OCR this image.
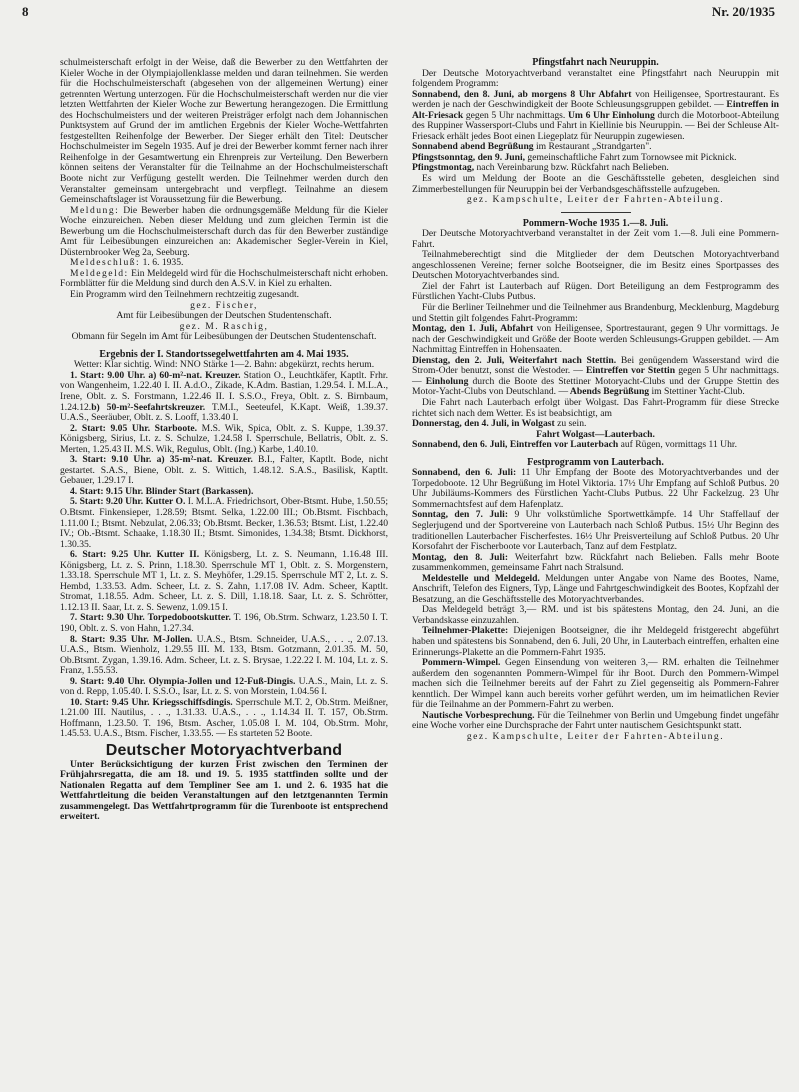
8	Nr. 20/1935

schulmeisterschaft erfolgt in der Weise, daß die Bewerber zu den Wettfahrten der Kieler Woche in der Olympiajollenklasse melden und daran teilnehmen. Sie werden für die Hochschulmeisterschaft (abgesehen von der allgemeinen Wertung) einer getrennten Wertung unterzogen. Für die Hochschulmeisterschaft werden nur die vier letzten Wettfahrten der Kieler Woche zur Bewertung herangezogen. Die Ermittlung des Hochschulmeisters und der weiteren Preisträger erfolgt nach dem Johannischen Punktsystem auf Grund der im amtlichen Ergebnis der Kieler Woche-Wettfahrten festgestellten Reihenfolge der Bewerber. Der Sieger erhält den Titel: Deutscher Hochschulmeister im Segeln 1935. Auf je drei der Bewerber kommt ferner nach ihrer Reihenfolge in der Gesamtwertung ein Ehrenpreis zur Verteilung. Den Bewerbern können seitens der Veranstalter für die Teilnahme an der Hochschulmeisterschaft Boote nicht zur Verfügung gestellt werden. Die Teilnehmer werden durch den Veranstalter gemeinsam untergebracht und verpflegt. Teilnahme an diesem Gemeinschaftslager ist Voraussetzung für die Bewerbung.

Meldung: Die Bewerber haben die ordnungsgemäße Meldung für die Kieler Woche einzureichen. Neben dieser Meldung und zum gleichen Termin ist die Bewerbung um die Hochschulmeisterschaft durch das für den Bewerber zuständige Amt für Leibesübungen einzureichen an: Akademischer Segler-Verein in Kiel, Düsternbrooker Weg 2a, Seeburg.

Meldeschluß: 1. 6. 1935.

Meldegeld: Ein Meldegeld wird für die Hochschulmeisterschaft nicht erhoben. Formblätter für die Meldung sind durch den A.S.V. in Kiel zu erhalten.

Ein Programm wird den Teilnehmern rechtzeitig zugesandt.

gez. Fischer,
Amt für Leibesübungen der Deutschen Studentenschaft.
gez. M. Raschig,
Obmann für Segeln im Amt für Leibesübungen der Deutschen Studentenschaft.
Ergebnis der I. Standortssegelwettfahrten am 4. Mai 1935.
Wetter: Klar sichtig. Wind: NNO Stärke 1—2. Bahn: abgekürzt, rechts herum.

1. Start: 9.00 Uhr. a) 60-m²-nat. Kreuzer. Station O., Leuchtkäfer, Kaptlt. Frhr. von Wangenheim, 1.22.40 I. II. A.d.O., Zikade, K.Adm. Bastian, 1.29.54. I. M.L.A., Irene, Oblt. z. S. Forstmann, 1.22.46 II. I. S.S.O., Freya, Oblt. z. S. Birnbaum, 1.24.12.b) 50-m²-Seefahrtskreuzer. T.M.I., Seeteufel, K.Kapt. Weiß, 1.39.37. U.A.S., Seeräuber, Oblt. z. S. Looff, 1.33.40 I.

2. Start: 9.05 Uhr. Starboote. M.S. Wik, Spica, Oblt. z. S. Kuppe, 1.39.37. Königsberg, Sirius, Lt. z. S. Schulze, 1.24.58 I. Sperrschule, Bellatris, Oblt. z. S. Merten, 1.25.43 II. M.S. Wik, Regulus, Oblt. (Ing.) Karbe, 1.40.10.

3. Start: 9.10 Uhr. a) 35-m²-nat. Kreuzer. B.I., Falter, Kaptlt. Bode, nicht gestartet. S.A.S., Biene, Oblt. z. S. Wittich, 1.48.12. S.A.S., Basilisk, Kaptlt. Gebauer, 1.29.17 I.

4. Start: 9.15 Uhr. Blinder Start (Barkassen).

5. Start: 9.20 Uhr. Kutter O. I. M.L.A. Friedrichsort, Ober-Btsmt. Hube, 1.50.55; O.Btsmt. Finkensieper, 1.28.59; Btsmt. Selka, 1.22.00 III.; Ob.Btsmt. Fischbach, 1.11.00 I.; Btsmt. Nebzulat, 2.06.33; Ob.Btsmt. Becker, 1.36.53; Btsmt. List, 1.22.40 IV.; Ob.-Btsmt. Schaake, 1.18.30 II.; Btsmt. Simonides, 1.34.38; Btsmt. Dickhorst, 1.30.35.

6. Start: 9.25 Uhr. Kutter II. Königsberg, Lt. z. S. Neumann, 1.16.48 III. Königsberg, Lt. z. S. Prinn, 1.18.30. Sperrschule MT 1, Oblt. z. S. Morgenstern, 1.33.18. Sperrschule MT 1, Lt. z. S. Meyhöfer, 1.29.15. Sperrschule MT 2, Lt. z. S. Hembd, 1.33.53. Adm. Scheer, Lt. z. S. Zahn, 1.17.08 IV. Adm. Scheer, Kaptlt. Stromat, 1.18.55. Adm. Scheer, Lt. z. S. Dill, 1.18.18. Saar, Lt. z. S. Schrötter, 1.12.13 II. Saar, Lt. z. S. Sewenz, 1.09.15 I.

7. Start: 9.30 Uhr. Torpedobootskutter. T. 196, Ob.Strm. Schwarz, 1.23.50 I. T. 190, Oblt. z. S. von Hahn, 1.27.34.

8. Start: 9.35 Uhr. M-Jollen. U.A.S., Btsm. Schneider, U.A.S., . . ., 2.07.13. U.A.S., Btsm. Wienholz, 1.29.55 III. M. 133, Btsm. Gotzmann, 2.01.35. M. 50, Ob.Btsmt. Zygan, 1.39.16. Adm. Scheer, Lt. z. S. Brysae, 1.22.22 I. M. 104, Lt. z. S. Franz, 1.55.53.

9. Start: 9.40 Uhr. Olympia-Jollen und 12-Fuß-Dingis. U.A.S., Main, Lt. z. S. von d. Repp, 1.05.40. I. S.S.O., Isar, Lt. z. S. von Morstein, 1.04.56 I.

10. Start: 9.45 Uhr. Kriegsschiffsdingis. Sperrschule M.T. 2, Ob.Strm. Meißner, 1.21.00 III. Nautilus, . . ., 1.31.33. U.A.S., . . ., 1.14.34 II. T. 157, Ob.Strm. Hoffmann, 1.23.50. T. 196, Btsm. Ascher, 1.05.08 I. M. 104, Ob.Strm. Mohr, 1.45.53. U.A.S., Btsm. Fischer, 1.33.55. — Es starteten 52 Boote.

Deutscher Motoryachtverband

Unter Berücksichtigung der kurzen Frist zwischen den Terminen der Frühjahrsregatta, die am 18. und 19. 5. 1935 stattfinden sollte und der Nationalen Regatta auf dem Templiner See am 1. und 2. 6. 1935 hat die Wettfahrtleitung die beiden Veranstaltungen auf den letztgenannten Termin zusammengelegt. Das Wettfahrtprogramm für die Turenboote ist entsprechend erweitert.

Pfingstfahrt nach Neuruppin.

Der Deutsche Motoryachtverband veranstaltet eine Pfingstfahrt nach Neuruppin mit folgendem Programm:

Sonnabend, den 8. Juni, ab morgens 8 Uhr Abfahrt von Heiligensee, Sportrestaurant. Es werden je nach der Geschwindigkeit der Boote Schleusungsgruppen gebildet. — Eintreffen in Alt-Friesack gegen 5 Uhr nachmittags. Um 6 Uhr Einholung durch die Motorboot-Abteilung des Ruppiner Wassersport-Clubs und Fahrt in Kiellinie bis Neuruppin. — Bei der Schleuse Alt-Friesack erhält jedes Boot einen Liegeplatz für Neuruppin zugewiesen.

Sonnabend abend Begrüßung im Restaurant „Strandgarten".

Pfingstsonntag, den 9. Juni, gemeinschaftliche Fahrt zum Tornowsee mit Picknick.

Pfingstmontag, nach Vereinbarung bzw. Rückfahrt nach Belieben.

Es wird um Meldung der Boote an die Geschäftsstelle gebeten, desgleichen sind Zimmerbestellungen für Neuruppin bei der Verbandsgeschäftsstelle aufzugeben.

gez. Kampschulte, Leiter der Fahrten-Abteilung.
Pommern-Woche 1935 1.—8. Juli.

Der Deutsche Motoryachtverband veranstaltet in der Zeit vom 1.—8. Juli eine Pommern-Fahrt.

Teilnahmeberechtigt sind die Mitglieder der dem Deutschen Motoryachtverband angeschlossenen Vereine; ferner solche Bootseigner, die im Besitz eines Sportpasses des Deutschen Motoryachtverbandes sind.

Ziel der Fahrt ist Lauterbach auf Rügen. Dort Beteiligung an dem Festprogramm des Fürstlichen Yacht-Clubs Putbus.

Für die Berliner Teilnehmer und die Teilnehmer aus Brandenburg, Mecklenburg, Magdeburg und Stettin gilt folgendes Fahrt-Programm:

Montag, den 1. Juli, Abfahrt von Heiligensee, Sportrestaurant, gegen 9 Uhr vormittags. Je nach der Geschwindigkeit und Größe der Boote werden Schleusungs-Gruppen gebildet. — Am Nachmittag Eintreffen in Hohensaaten.

Dienstag, den 2. Juli, Weiterfahrt nach Stettin. Bei genügendem Wasserstand wird die Strom-Oder benutzt, sonst die Westoder. — Eintreffen vor Stettin gegen 5 Uhr nachmittags. — Einholung durch die Boote des Stettiner Motoryacht-Clubs und der Gruppe Stettin des Motor-Yacht-Clubs von Deutschland. — Abends Begrüßung im Stettiner Yacht-Club.

Die Fahrt nach Lauterbach erfolgt über Wolgast. Das Fahrt-Programm für diese Strecke richtet sich nach dem Wetter. Es ist beabsichtigt, am

Donnerstag, den 4. Juli, in Wolgast zu sein.

Fahrt Wolgast—Lauterbach.

Sonnabend, den 6. Juli, Eintreffen vor Lauterbach auf Rügen, vormittags 11 Uhr.

Festprogramm von Lauterbach.

Sonnabend, den 6. Juli: 11 Uhr Empfang der Boote des Motoryachtverbandes und der Torpedoboote. 12 Uhr Begrüßung im Hotel Viktoria. 17½ Uhr Empfang auf Schloß Putbus. 20 Uhr Jubiläums-Kommers des Fürstlichen Yacht-Clubs Putbus. 22 Uhr Fackelzug. 23 Uhr Sommernachtsfest auf dem Hafenplatz.

Sonntag, den 7. Juli: 9 Uhr volkstümliche Sportwettkämpfe. 14 Uhr Staffellauf der Seglerjugend und der Sportvereine von Lauterbach nach Schloß Putbus. 15½ Uhr Beginn des traditionellen Lauterbacher Fischerfestes. 16½ Uhr Preisverteilung auf Schloß Putbus. 20 Uhr Korsofahrt der Fischerboote vor Lauterbach, Tanz auf dem Festplatz.

Montag, den 8. Juli: Weiterfahrt bzw. Rückfahrt nach Belieben. Falls mehr Boote zusammenkommen, gemeinsame Fahrt nach Stralsund.

Meldestelle und Meldegeld. Meldungen unter Angabe von Name des Bootes, Name, Anschrift, Telefon des Eigners, Typ, Länge und Fahrtgeschwindigkeit des Bootes, Kopfzahl der Besatzung, an die Geschäftsstelle des Motoryachtverbandes.

Das Meldegeld beträgt 3,— RM. und ist bis spätestens Montag, den 24. Juni, an die Verbandskasse einzuzahlen.

Teilnehmer-Plakette: Diejenigen Bootseigner, die ihr Meldegeld fristgerecht abgeführt haben und spätestens bis Sonnabend, den 6. Juli, 20 Uhr, in Lauterbach eintreffen, erhalten eine Erinnerungs-Plakette an die Pommern-Fahrt 1935.

Pommern-Wimpel. Gegen Einsendung von weiteren 3,— RM. erhalten die Teilnehmer außerdem den sogenannten Pommern-Wimpel für ihr Boot. Durch den Pommern-Wimpel machen sich die Teilnehmer bereits auf der Fahrt zu Ziel gegenseitig als Pommern-Fahrer kenntlich. Der Wimpel kann auch bereits vorher geführt werden, um im heimatlichen Revier für die Teilnahme an der Pommern-Fahrt zu werben.

Nautische Vorbesprechung. Für die Teilnehmer von Berlin und Umgebung findet ungefähr eine Woche vorher eine Durchsprache der Fahrt unter nautischem Gesichtspunkt statt.

gez. Kampschulte, Leiter der Fahrten-Abteilung.
